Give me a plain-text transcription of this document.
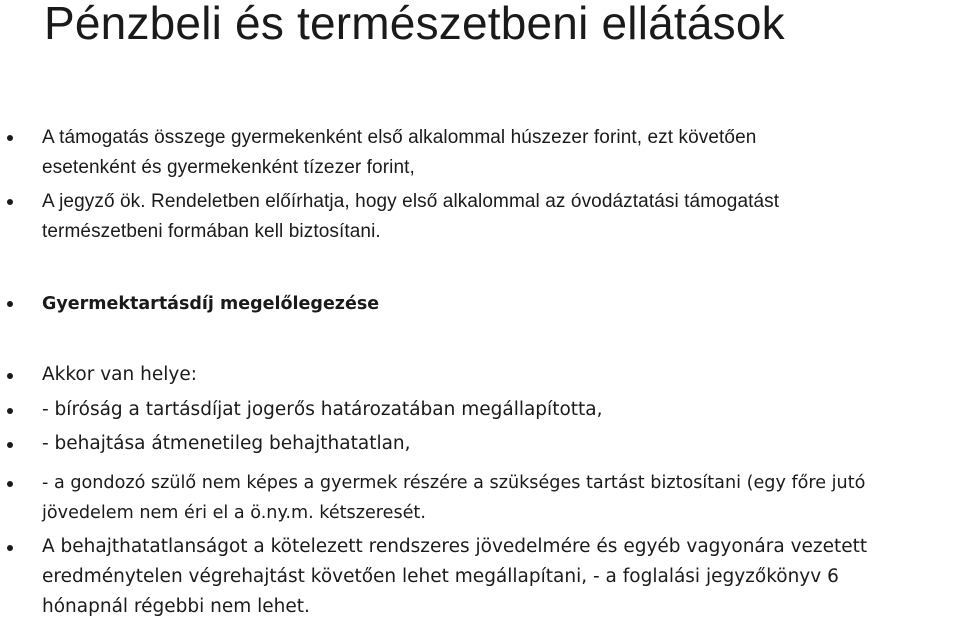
Pénzbeli és természetbeni ellátások
A támogatás összege gyermekenként első alkalommal húszezer forint, ezt követően
esetenként és gyermekenként tízezer forint,
A jegyző ök. Rendeletben előírhatja, hogy első alkalommal az óvodáztatási támogatást
természetbeni formában kell biztosítani.
Gyermektartásdíj megelőlegezése
Akkor van helye:
- bíróság a tartásdíjat jogerős határozatában megállapította,
- behajtása átmenetileg behajthatatlan,
- a gondozó szülő nem képes a gyermek részére a szükséges tartást biztosítani (egy főre jutó
jövedelem nem éri el a ö.ny.m. kétszeresét.
A behajthatatlanságot a kötelezett rendszeres jövedelmére és egyéb vagyonára vezetett
eredménytelen végrehajtást követően lehet megállapítani, - a foglalási jegyzőkönyv 6
hónapnál régebbi nem lehet.
